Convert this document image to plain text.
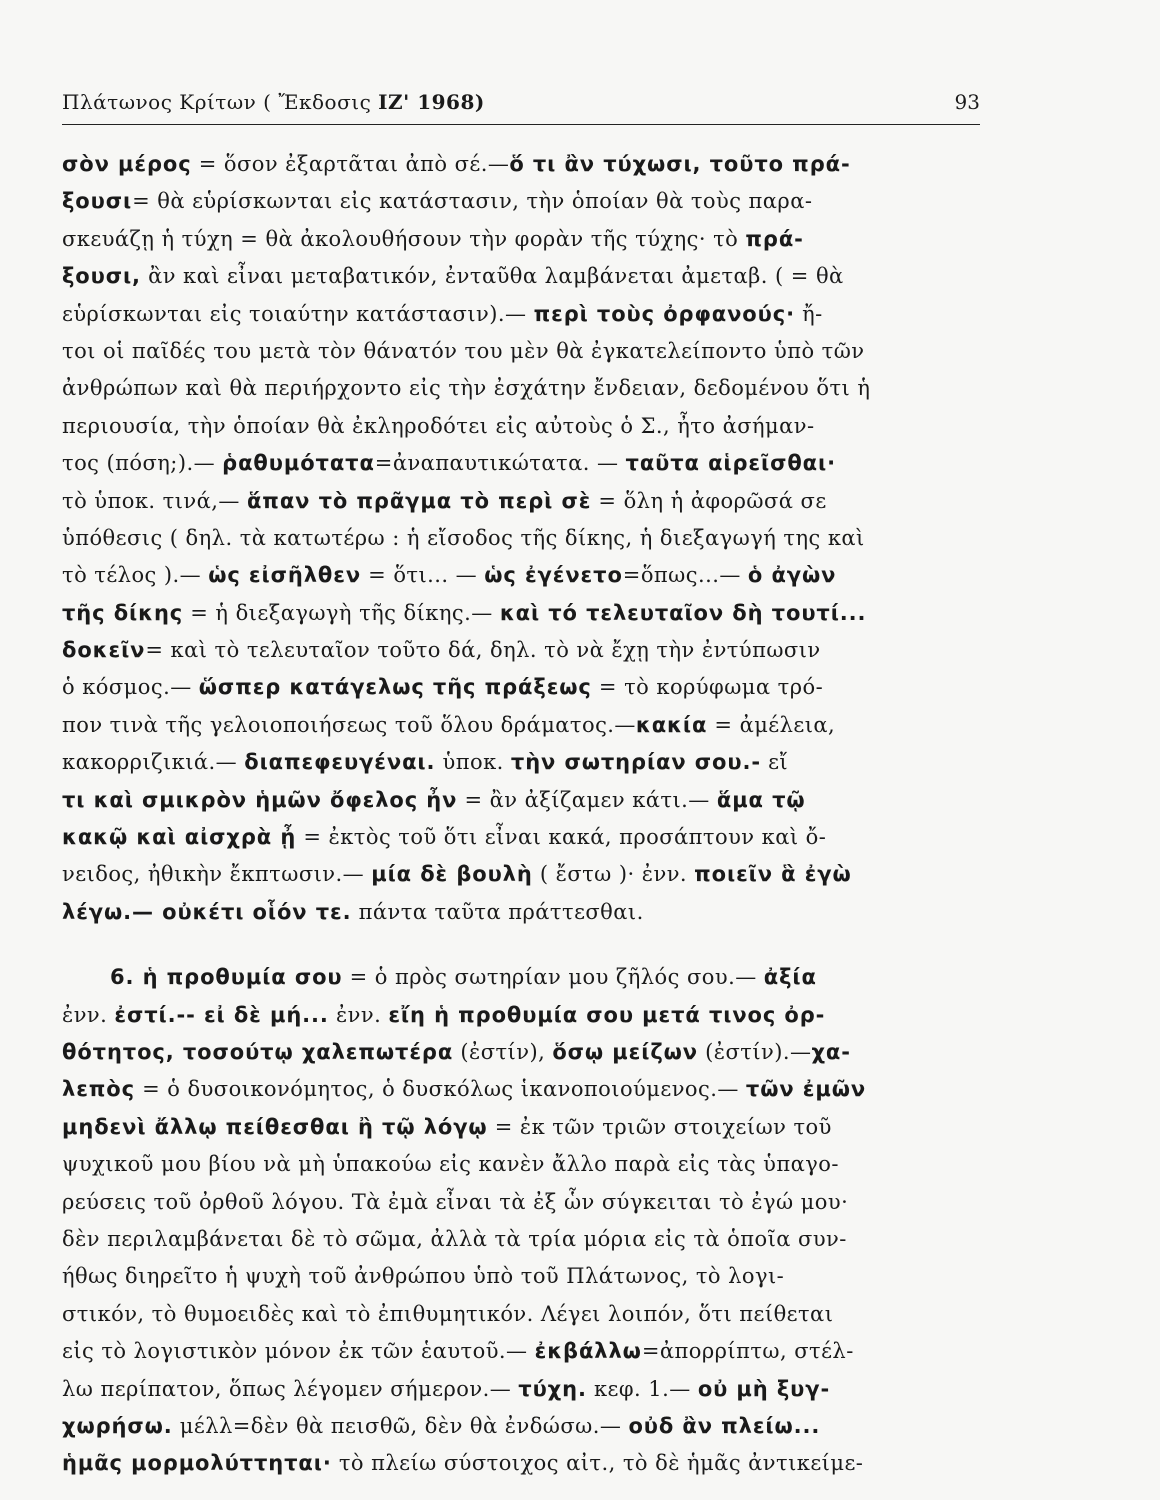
Πλάτωνος Κρίτων ( Ἔκδοσις ΙΖ' 1968)	93
σὸν μέρος = ὅσον ἐξαρτᾶται ἀπὸ σέ.—ὅ τι ἂν τύχωσι, τοῦτο πρά-
ξουσι= θὰ εὑρίσκωνται εἰς κατάστασιν, τὴν ὁποίαν θὰ τοὺς παρα-
σκευάζῃ ἡ τύχη = θὰ ἀκολουθήσουν τὴν φορὰν τῆς τύχης· τὸ πρά-
ξουσι, ἂν καὶ εἶναι μεταβατικόν, ἐνταῦθα λαμβάνεται ἀμεταβ. ( = θὰ
εὑρίσκωνται εἰς τοιαύτην κατάστασιν).— περὶ τοὺς ὀρφανούς· ἤ-
τοι οἱ παῖδές του μετὰ τὸν θάνατόν του μὲν θὰ ἐγκατελείποντο ὑπὸ τῶν
ἀνθρώπων καὶ θὰ περιήρχοντο εἰς τὴν ἐσχάτην ἔνδειαν, δεδομένου ὅτι ἡ
περιουσία, τὴν ὁποίαν θὰ ἐκληροδότει εἰς αὐτοὺς ὁ Σ., ἦτο ἀσήμαν-
τος (πόση;).— ῥαθυμότατα=ἀναπαυτικώτατα. — ταῦτα αἱρεῖσθαι·
τὸ ὑποκ. τινά,— ἅπαν τὸ πρᾶγμα τὸ περὶ σὲ = ὅλη ἡ ἀφορῶσά σε
ὑπόθεσις ( δηλ. τὰ κατωτέρω : ἡ εἴσοδος τῆς δίκης, ἡ διεξαγωγή της καὶ
τὸ τέλος ).— ὡς εἰσῆλθεν = ὅτι... — ὡς ἐγένετο=ὅπως...— ὁ ἀγὼν
τῆς δίκης = ἡ διεξαγωγὴ τῆς δίκης.— καὶ τό τελευταῖον δὴ τουτί...
δοκεῖν= καὶ τὸ τελευταῖον τοῦτο δά, δηλ. τὸ νὰ ἔχῃ τὴν ἐντύπωσιν
ὁ κόσμος.— ὥσπερ κατάγελως τῆς πράξεως = τὸ κορύφωμα τρό-
πον τινὰ τῆς γελοιοποιήσεως τοῦ ὅλου δράματος.—κακία = ἀμέλεια,
κακορριζικιά.— διαπεφευγέναι. ὑποκ. τὴν σωτηρίαν σου.- εἴ
τι καὶ σμικρὸν ἡμῶν ὄφελος ἦν = ἂν ἀξίζαμεν κάτι.— ἅμα τῷ
κακῷ καὶ αἰσχρὰ ᾖ = ἐκτὸς τοῦ ὅτι εἶναι κακά, προσάπτουν καὶ ὄ-
νειδος, ἠθικὴν ἔκπτωσιν.— μία δὲ βουλὴ ( ἔστω )· ἐνν. ποιεῖν ἃ ἐγὼ
λέγω.— οὐκέτι οἷόν τε. πάντα ταῦτα πράττεσθαι.
6. ἡ προθυμία σου = ὁ πρὸς σωτηρίαν μου ζῆλός σου.— ἀξία
ἐνν. ἐστί.-- εἰ δὲ μή... ἐνν. εἴη ἡ προθυμία σου μετά τινος ὀρ-
θότητος, τοσούτῳ χαλεπωτέρα (ἐστίν), ὅσῳ μείζων (ἐστίν).—χα-
λεπὸς = ὁ δυσοικονόμητος, ὁ δυσκόλως ἱκανοποιούμενος.— τῶν ἐμῶν
μηδενὶ ἄλλῳ πείθεσθαι ἢ τῷ λόγῳ = ἐκ τῶν τριῶν στοιχείων τοῦ
ψυχικοῦ μου βίου νὰ μὴ ὑπακούω εἰς κανὲν ἄλλο παρὰ εἰς τὰς ὑπαγο-
ρεύσεις τοῦ ὀρθοῦ λόγου. Τὰ ἐμὰ εἶναι τὰ ἐξ ὧν σύγκειται τὸ ἐγώ μου·
δὲν περιλαμβάνεται δὲ τὸ σῶμα, ἀλλὰ τὰ τρία μόρια εἰς τὰ ὁποῖα συν-
ήθως διηρεῖτο ἡ ψυχὴ τοῦ ἀνθρώπου ὑπὸ τοῦ Πλάτωνος, τὸ λογι-
στικόν, τὸ θυμοειδὲς καὶ τὸ ἐπιθυμητικόν. Λέγει λοιπόν, ὅτι πείθεται
εἰς τὸ λογιστικὸν μόνον ἐκ τῶν ἑαυτοῦ.— ἐκβάλλω=ἀπορρίπτω, στέλ-
λω περίπατον, ὅπως λέγομεν σήμερον.— τύχη. κεφ. 1.— οὐ μὴ ξυγ-
χωρήσω. μέλλ=δὲν θὰ πεισθῶ, δὲν θὰ ἐνδώσω.— οὐδ ἂν πλείω...
ἡμᾶς μορμολύττηται· τὸ πλείω σύστοιχος αἰτ., τὸ δὲ ἡμᾶς ἀντικείμε-
